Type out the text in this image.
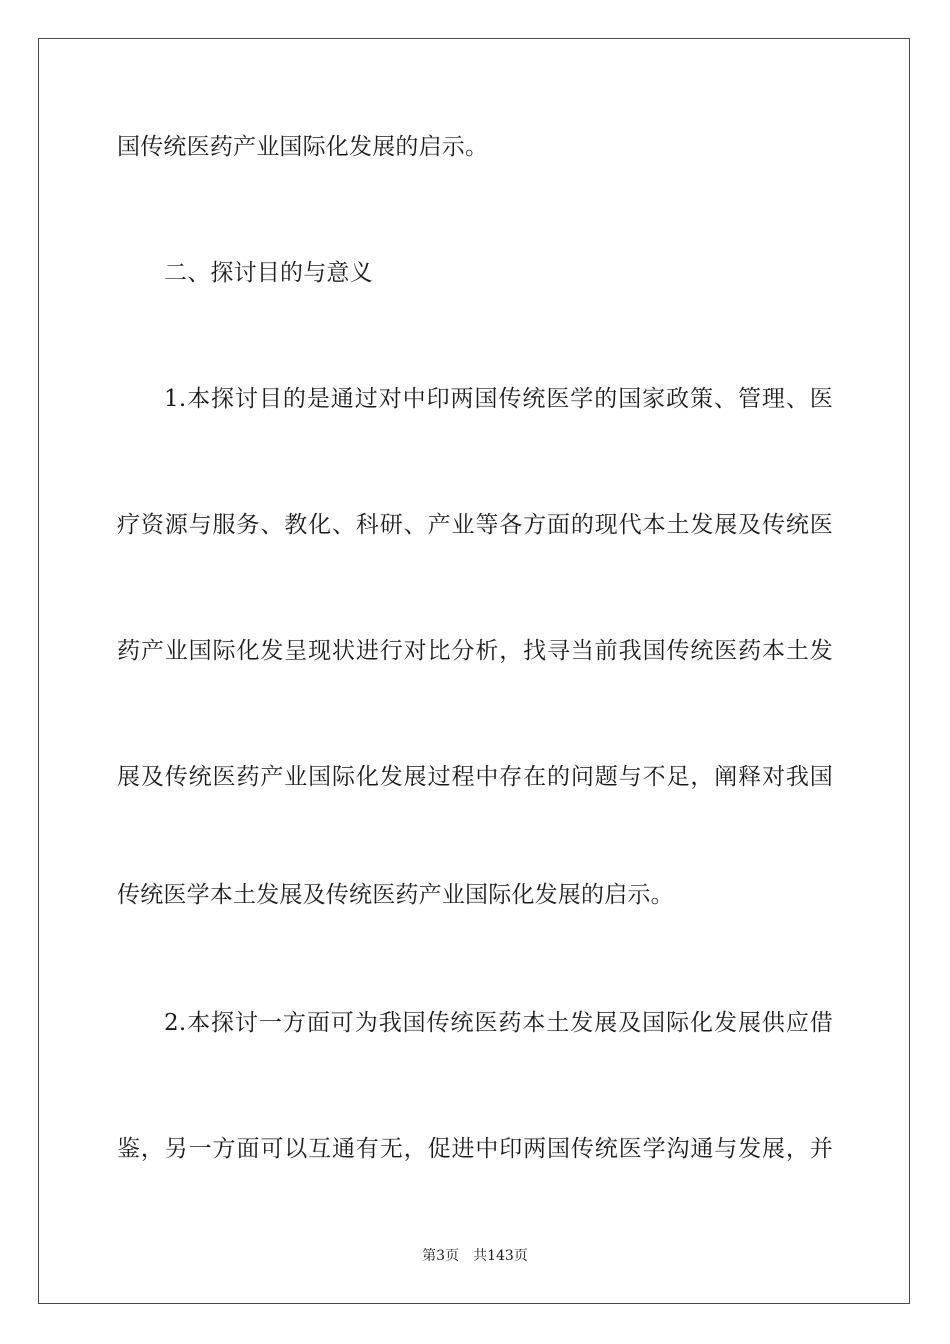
国传统医药产业国际化发展的启示。
二、探讨目的与意义
1.本探讨目的是通过对中印两国传统医学的国家政策、管理、医
疗资源与服务、教化、科研、产业等各方面的现代本土发展及传统医
药产业国际化发呈现状进行对比分析，找寻当前我国传统医药本土发
展及传统医药产业国际化发展过程中存在的问题与不足，阐释对我国
传统医学本土发展及传统医药产业国际化发展的启示。
2.本探讨一方面可为我国传统医药本土发展及国际化发展供应借
鉴，另一方面可以互通有无，促进中印两国传统医学沟通与发展，并
第3页 共143页
